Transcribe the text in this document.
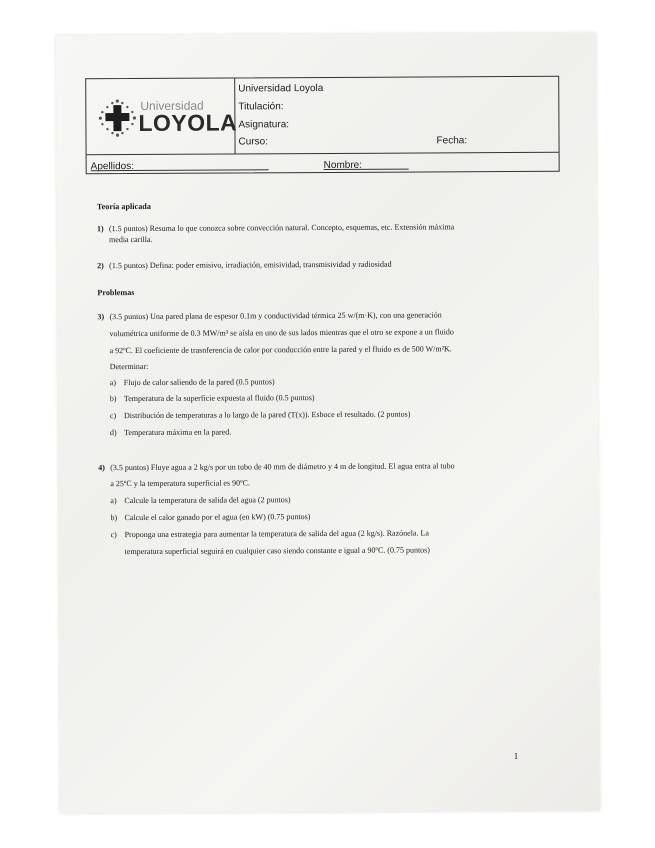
Universidad
LOYOLA
Universidad Loyola
Titulación:
Asignatura:
Curso:	Fecha:
Apellidos:	Nombre:
Teoría aplicada
1) (1.5 puntos) Resuma lo que conozca sobre convección natural. Concepto, esquemas, etc. Extensión máxima
media carilla.
2) (1.5 puntos) Defina: poder emisivo, irradiación, emisividad, transmisividad y radiosidad
Problemas
3) (3.5 puntos) Una pared plana de espesor 0.1m y conductividad térmica 25 w/(m·K), con una generación
volumétrica uniforme de 0.3 MW/m³ se aísla en uno de sus lados mientras que el otro se expone a un fluido
a 92ºC. El coeficiente de trasnferencia de calor por conducción entre la pared y el fluido es de 500 W/m²K.
Determinar:
a) Flujo de calor saliendo de la pared (0.5 puntos)
b) Temperatura de la superficie expuesta al fluido (0.5 puntos)
c) Distribución de temperaturas a lo largo de la pared (T(x)). Esboce el resultado. (2 puntos)
d) Temperatura máxima en la pared.
4) (3.5 puntos) Fluye agua a 2 kg/s por un tubo de 40 mm de diámetro y 4 m de longitud. El agua entra al tubo
a 25ºC y la temperatura superficial es 90ºC.
a) Calcule la temperatura de salida del agua (2 puntos)
b) Calcule el calor ganado por el agua (en kW) (0.75 puntos)
c) Proponga una estrategia para aumentar la temperatura de salida del agua (2 kg/s). Razónela. La
temperatura superficial seguirá en cualquier caso siendo constante e igual a 90ºC. (0.75 puntos)
1
